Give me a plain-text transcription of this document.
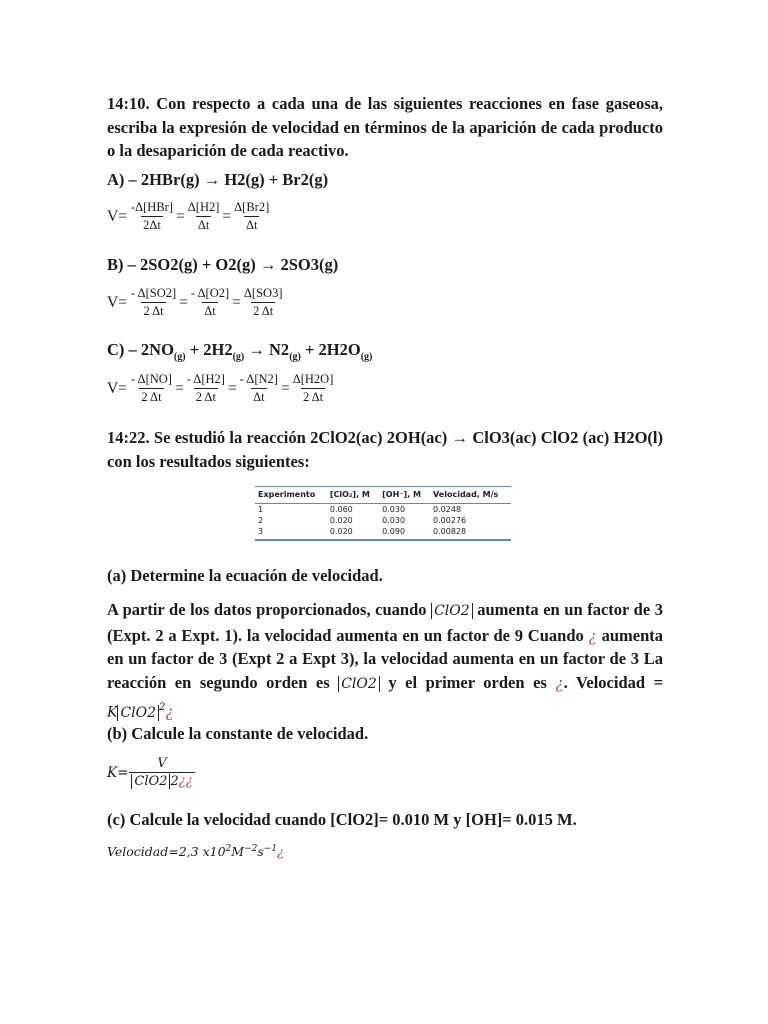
14:10. Con respecto a cada una de las siguientes reacciones en fase gaseosa, escriba la expresión de velocidad en términos de la aparición de cada producto o la desaparición de cada reactivo.

A) – 2HBr(g) → H2(g) + Br2(g)

$V= \frac{\text{-Δ[HBr]}}{2\Delta t} = \frac{\Delta[H2]}{\Delta t} = \frac{\Delta[Br2]}{\Delta t}$

B) – 2SO2(g) + O2(g) → 2SO3(g)

$V= \frac{- \Delta[SO2]}{2 \Delta t} = \frac{- \Delta[O2]}{\Delta t} = \frac{\Delta[SO3]}{2 \Delta t}$

$C) - 2NO_{(g)} + 2H2_{(g)} \to N2_{(g)} + 2H2O_{(g)}$

$V= \frac{- \Delta[NO]}{2 \Delta t} = \frac{- \Delta[H2]}{2 \Delta t} = \frac{- \Delta[N2]}{\Delta t} = \frac{\Delta[H2O]}{2 \Delta t}$

14:22. Se estudió la reacción 2ClO2(ac) 2OH(ac) → ClO3(ac) ClO2 (ac) H2O(l) con los resultados siguientes:

Experimento	[ClO₂], M	[OH⁻], M	Velocidad, M/s
1	0.060	0.030	0.0248
2	0.020	0.030	0.00276
3	0.020	0.090	0.00828

(a) Determine la ecuación de velocidad.

A partir de los datos proporcionados, cuando ClO2 aumenta en un factor de 3 (Expt. 2 a Expt. 1). la velocidad aumenta en un factor de 9 Cuando ¿ aumenta en un factor de 3 (Expt 2 a Expt 3), la velocidad aumenta en un factor de 3 La reacción en segundo orden es ClO2 y el primer orden es ¿. Velocidad = K ClO2 $^2$¿

(b) Calcule la constante de velocidad.

$K= \frac{V}{\text{ClO2 2¿¿}}$

(c) Calcule la velocidad cuando [ClO2]= 0.010 M y [OH]= 0.015 M.

Velocidad=2,3 $x10^2M^{-2}s^{-1}¿$
